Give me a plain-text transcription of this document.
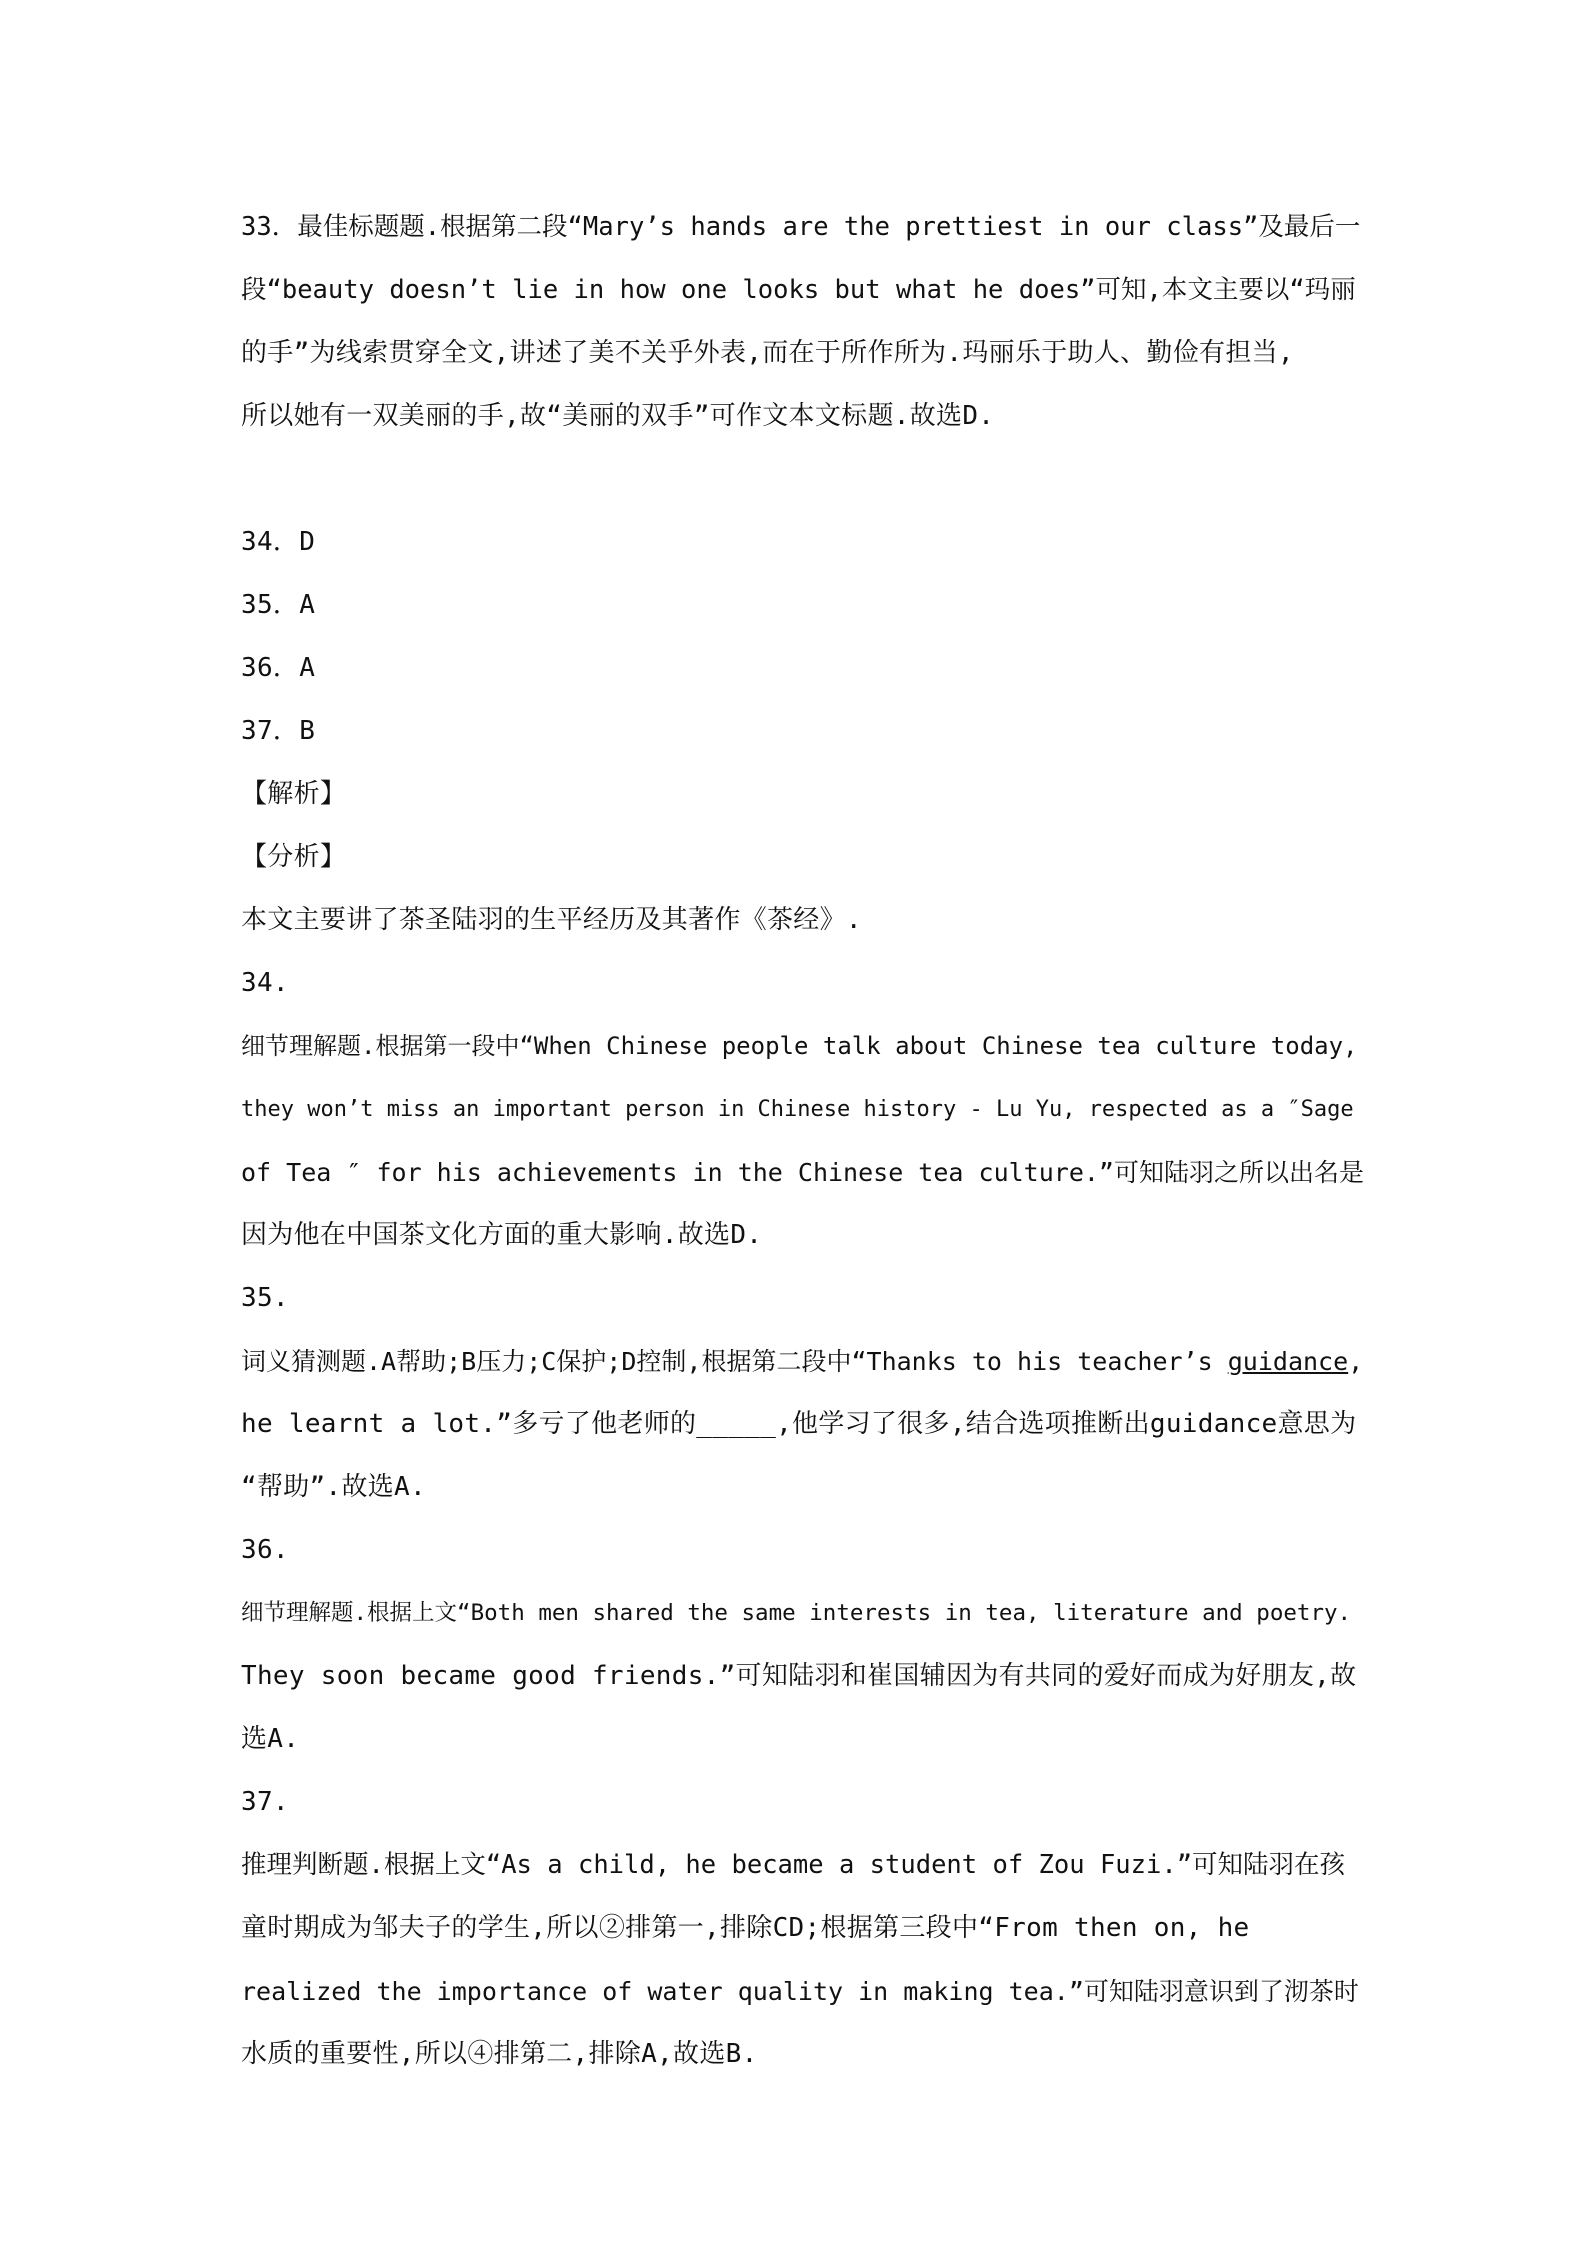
33．最佳标题题.根据第二段“Mary’s hands are the prettiest in our class”及最后一
段“beauty doesn’t lie in how one looks but what he does”可知,本文主要以“玛丽
的手”为线索贯穿全文,讲述了美不关乎外表,而在于所作所为.玛丽乐于助人、勤俭有担当,
所以她有一双美丽的手,故“美丽的双手”可作文本文标题.故选D.
34．D
35．A
36．A
37．B
【解析】
【分析】
本文主要讲了茶圣陆羽的生平经历及其著作《茶经》.
34.
细节理解题.根据第一段中“When Chinese people talk about Chinese tea culture today,
they won’t miss an important person in Chinese history - Lu Yu, respected as a ″Sage
of Tea ″ for his achievements in the Chinese tea culture.”可知陆羽之所以出名是
因为他在中国茶文化方面的重大影响.故选D.
35.
词义猜测题.A帮助;B压力;C保护;D控制,根据第二段中“Thanks to his teacher’s guidance,
he learnt a lot.”多亏了他老师的_____,他学习了很多,结合选项推断出guidance意思为
“帮助”.故选A.
36.
细节理解题.根据上文“Both men shared the same interests in tea, literature and poetry.
They soon became good friends.”可知陆羽和崔国辅因为有共同的爱好而成为好朋友,故
选A.
37.
推理判断题.根据上文“As a child, he became a student of Zou Fuzi.”可知陆羽在孩
童时期成为邹夫子的学生,所以②排第一,排除CD;根据第三段中“From then on, he
realized the importance of water quality in making tea.”可知陆羽意识到了沏茶时
水质的重要性,所以④排第二,排除A,故选B.
